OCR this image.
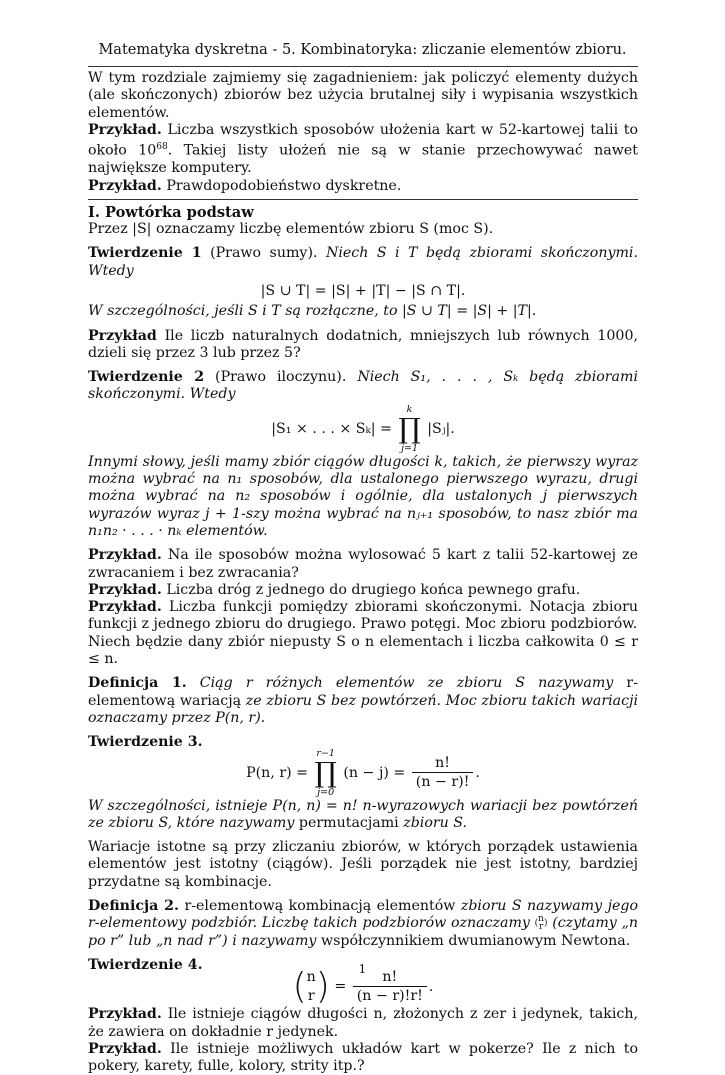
Matematyka dyskretna - 5. Kombinatoryka: zliczanie elementów zbioru.

W tym rozdziale zajmiemy się zagadnieniem: jak policzyć elementy dużych (ale skończonych) zbiorów bez użycia brutalnej siły i wypisania wszystkich elementów.

Przykład. Liczba wszystkich sposobów ułożenia kart w 52-kartowej talii to około $10^{68}$. Takiej listy ułożeń nie są w stanie przechowywać nawet największe komputery.

Przykład. Prawdopodobieństwo dyskretne.

I. Powtórka podstaw

Przez |S| oznaczamy liczbę elementów zbioru S (moc S).

Twierdzenie 1 (Prawo sumy). Niech S i T będą zbiorami skończonymi. Wtedy

|S ∪ T| = |S| + |T| − |S ∩ T|.

W szczególności, jeśli S i T są rozłączne, to |S ∪ T| = |S| + |T|.

Przykład Ile liczb naturalnych dodatnich, mniejszych lub równych 1000, dzieli się przez 3 lub przez 5?

Twierdzenie 2 (Prawo iloczynu). Niech S₁, . . . , Sₖ będą zbiorami skończonymi. Wtedy

|S₁ × . . . × Sₖ| =
k
∏
j=1
|Sⱼ|.

Innymi słowy, jeśli mamy zbiór ciągów długości k, takich, że pierwszy wyraz można wybrać na n₁ sposobów, dla ustalonego pierwszego wyrazu, drugi można wybrać na n₂ sposobów i ogólnie, dla ustalonych j pierwszych wyrazów wyraz j + 1-szy można wybrać na nⱼ₊₁ sposobów, to nasz zbiór ma n₁n₂ · . . . · nₖ elementów.

Przykład. Na ile sposobów można wylosować 5 kart z talii 52-kartowej ze zwracaniem i bez zwracania?

Przykład. Liczba dróg z jednego do drugiego końca pewnego grafu.

Przykład. Liczba funkcji pomiędzy zbiorami skończonymi. Notacja zbioru funkcji z jednego zbioru do drugiego. Prawo potęgi. Moc zbioru podzbiorów.

Niech będzie dany zbiór niepusty S o n elementach i liczba całkowita 0 ≤ r ≤ n.

Definicja 1. Ciąg r różnych elementów ze zbioru S nazywamy r-elementową wariacją ze zbioru S bez powtórzeń. Moc zbioru takich wariacji oznaczamy przez P(n, r).

Twierdzenie 3.

P(n, r) =
r−1
∏
j=0
$(n - j) = \frac{n!}{(n - r)!}$ .

W szczególności, istnieje P(n, n) = n! n-wyrazowych wariacji bez powtórzeń ze zbioru S, które nazywamy permutacjami zbioru S.

Wariacje istotne są przy zliczaniu zbiorów, w których porządek ustawienia elementów jest istotny (ciągów). Jeśli porządek nie jest istotny, bardziej przydatne są kombinacje.

Definicja 2. r-elementową kombinacją elementów zbioru S nazywamy jego r-elementowy podzbiór. Liczbę takich podzbiorów oznaczamy ( n
r ) (czytamy „n po r” lub „n nad r”) i nazywamy współczynnikiem dwumianowym Newtona.

Twierdzenie 4.

( n
r ) = $\frac{n!}{(n - r)!r!}$ .

Przykład. Ile istnieje ciągów długości n, złożonych z zer i jedynek, takich, że zawiera on dokładnie r jedynek.

Przykład. Ile istnieje możliwych układów kart w pokerze? Ile z nich to pokery, karety, fulle, kolory, strity itp.?

1
